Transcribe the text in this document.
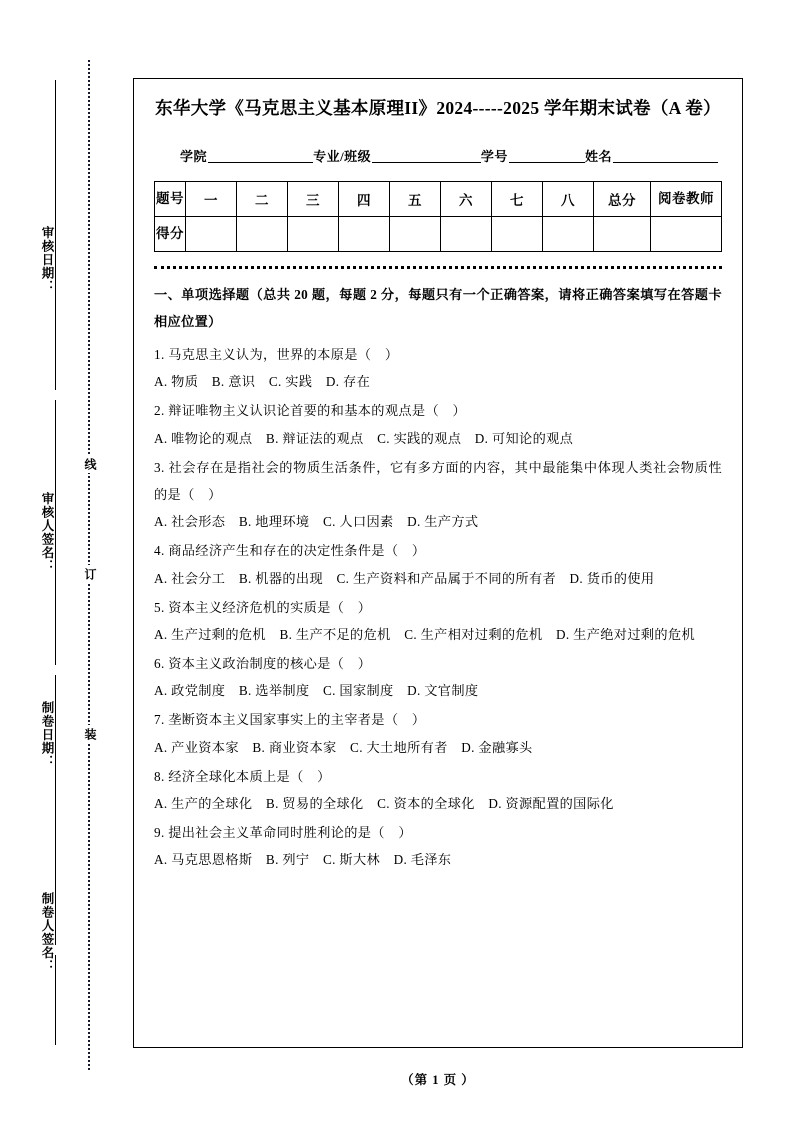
审核日期：
审核人签名：
制卷日期：
制卷人签名：
线
订
装
东华大学《马克思主义基本原理II》2024-----2025 学年期末试卷（A 卷）
学院	专业/班级	学号	姓名
题号	一	二	三	四	五	六	七	八	总分	阅卷教师
得分										

一、单项选择题（总共 20 题，每题 2 分，每题只有一个正确答案，请将正确答案填写在答题卡相应位置）

1. 马克思主义认为，世界的本原是（　）

A. 物质　B. 意识　C. 实践　D. 存在

2. 辩证唯物主义认识论首要的和基本的观点是（　）

A. 唯物论的观点　B. 辩证法的观点　C. 实践的观点　D. 可知论的观点

3. 社会存在是指社会的物质生活条件，它有多方面的内容，其中最能集中体现人类社会物质性的是（　）

A. 社会形态　B. 地理环境　C. 人口因素　D. 生产方式

4. 商品经济产生和存在的决定性条件是（　）

A. 社会分工　B. 机器的出现　C. 生产资料和产品属于不同的所有者　D. 货币的使用

5. 资本主义经济危机的实质是（　）

A. 生产过剩的危机　B. 生产不足的危机　C. 生产相对过剩的危机　D. 生产绝对过剩的危机

6. 资本主义政治制度的核心是（　）

A. 政党制度　B. 选举制度　C. 国家制度　D. 文官制度

7. 垄断资本主义国家事实上的主宰者是（　）

A. 产业资本家　B. 商业资本家　C. 大土地所有者　D. 金融寡头

8. 经济全球化本质上是（　）

A. 生产的全球化　B. 贸易的全球化　C. 资本的全球化　D. 资源配置的国际化

9. 提出社会主义革命同时胜利论的是（　）

A. 马克思恩格斯　B. 列宁　C. 斯大林　D. 毛泽东

（第 1 页 ）
